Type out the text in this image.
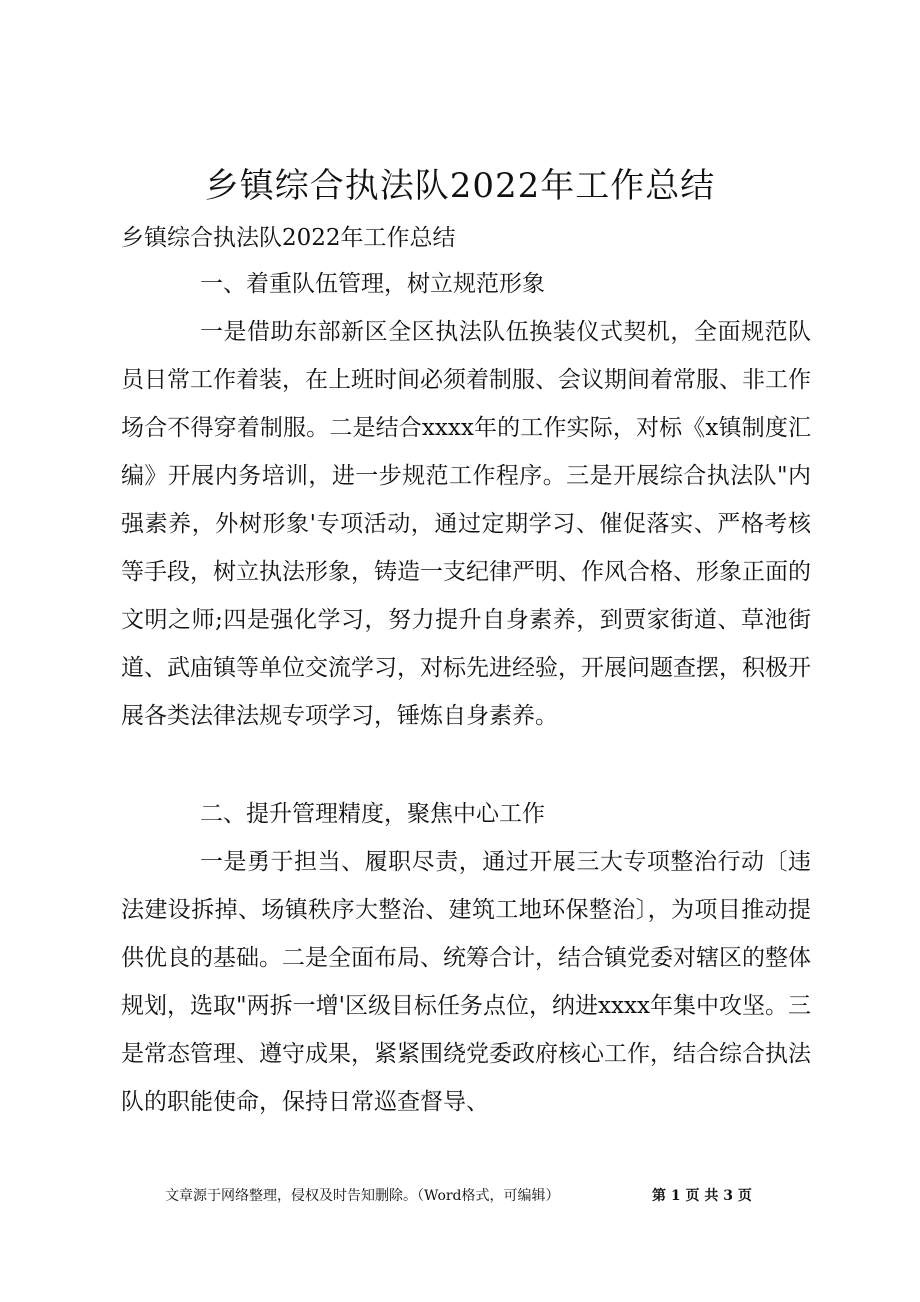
乡镇综合执法队2022年工作总结
乡镇综合执法队2022年工作总结
一、着重队伍管理，树立规范形象

一是借助东部新区全区执法队伍换装仪式契机，全面规范队员日常工作着装，在上班时间必须着制服、会议期间着常服、非工作场合不得穿着制服。二是结合xxxx年的工作实际，对标《x镇制度汇编》开展内务培训，进一步规范工作程序。三是开展综合执法队"内强素养，外树形象'专项活动，通过定期学习、催促落实、严格考核等手段，树立执法形象，铸造一支纪律严明、作风合格、形象正面的文明之师;四是强化学习，努力提升自身素养，到贾家街道、草池街道、武庙镇等单位交流学习，对标先进经验，开展问题查摆，积极开展各类法律法规专项学习，锤炼自身素养。

二、提升管理精度，聚焦中心工作

一是勇于担当、履职尽责，通过开展三大专项整治行动〔违法建设拆掉、场镇秩序大整治、建筑工地环保整治〕，为项目推动提供优良的基础。二是全面布局、统筹合计，结合镇党委对辖区的整体规划，选取"两拆一增'区级目标任务点位，纳进xxxx年集中攻坚。三是常态管理、遵守成果，紧紧围绕党委政府核心工作，结合综合执法队的职能使命，保持日常巡查督导、

文章源于网络整理，侵权及时告知删除。（Word格式，可编辑）	第 1 页 共 3 页
